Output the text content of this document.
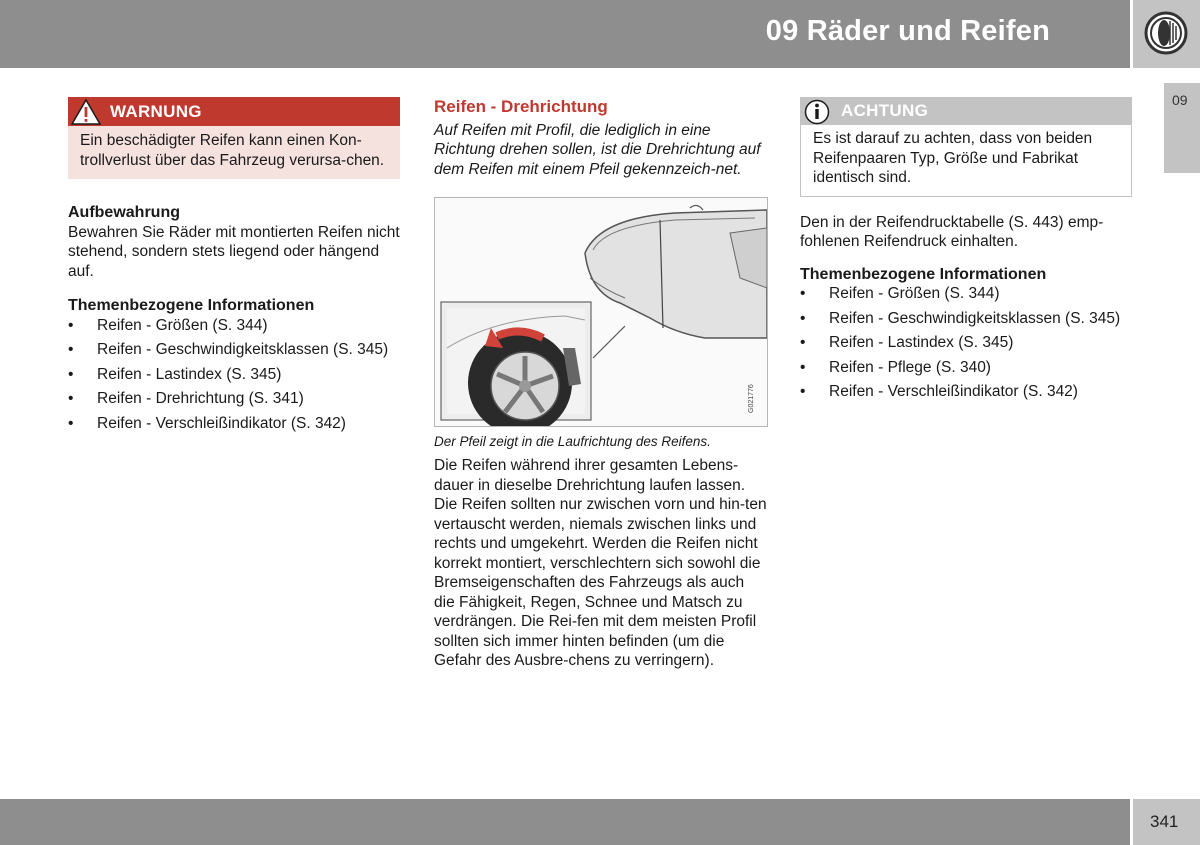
09 Räder und Reifen
09
WARNUNG
Ein beschädigter Reifen kann einen Kon-trollverlust über das Fahrzeug verursa-chen.
Aufbewahrung
Bewahren Sie Räder mit montierten Reifen nicht stehend, sondern stets liegend oder hängend auf.
Themenbezogene Informationen
• Reifen - Größen (S. 344)
• Reifen - Geschwindigkeitsklassen (S. 345)
• Reifen - Lastindex (S. 345)
• Reifen - Drehrichtung (S. 341)
• Reifen - Verschleißindikator (S. 342)
Reifen - Drehrichtung
Auf Reifen mit Profil, die lediglich in eine Richtung drehen sollen, ist die Drehrichtung auf dem Reifen mit einem Pfeil gekennzeich-net.
G021776
Der Pfeil zeigt in die Laufrichtung des Reifens.
Die Reifen während ihrer gesamten Lebens-dauer in dieselbe Drehrichtung laufen lassen. Die Reifen sollten nur zwischen vorn und hin-ten vertauscht werden, niemals zwischen links und rechts und umgekehrt. Werden die Reifen nicht korrekt montiert, verschlechtern sich sowohl die Bremseigenschaften des Fahrzeugs als auch die Fähigkeit, Regen, Schnee und Matsch zu verdrängen. Die Rei-fen mit dem meisten Profil sollten sich immer hinten befinden (um die Gefahr des Ausbre-chens zu verringern).
ACHTUNG
Es ist darauf zu achten, dass von beiden Reifenpaaren Typ, Größe und Fabrikat identisch sind.
Den in der Reifendrucktabelle (S. 443) emp-fohlenen Reifendruck einhalten.
Themenbezogene Informationen
• Reifen - Größen (S. 344)
• Reifen - Geschwindigkeitsklassen (S. 345)
• Reifen - Lastindex (S. 345)
• Reifen - Pflege (S. 340)
• Reifen - Verschleißindikator (S. 342)
341
